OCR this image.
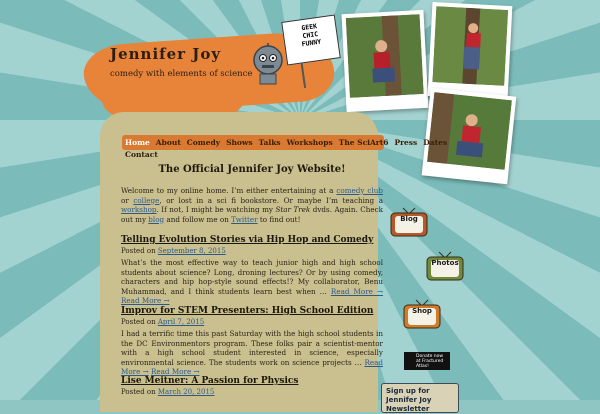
Jennifer Joy
comedy with elements of science
GEEK
CHIC
FUNNY
Home About Comedy Shows Talks Workshops The SciArt6 Press Dates
Contact
The Official Jennifer Joy Website!
Welcome to my online home. I’m either entertaining at a comedy club or college, or lost in a sci fi bookstore. Or maybe I’m teaching a workshop. If not, I might be watching my Star Trek dvds. Again. Check out my blog and follow me on Twitter to find out!
Telling Evolution Stories via Hip Hop and Comedy
Posted on September 8, 2015
What’s the most effective way to teach junior high and high school students about science? Long, droning lectures? Or by using comedy, characters and hip hop-style sound effects!? My collaborator, Benu Muhammad, and I think students learn best when … Read More → Read More →
Improv for STEM Presenters: High School Edition
Posted on April 7, 2015
I had a terrific time this past Saturday with the high school students in the DC Environmentors program. These folks pair a scientist-mentor with a high school student interested in science, especially environmental science. The students work on science projects … Read More → Read More →
Lise Meitner: A Passion for Physics
Posted on March 20, 2015
Blog
Photos
Shop
Donate now at Fractured Atlas!
Sign up for Jennifer Joy Newsletter
